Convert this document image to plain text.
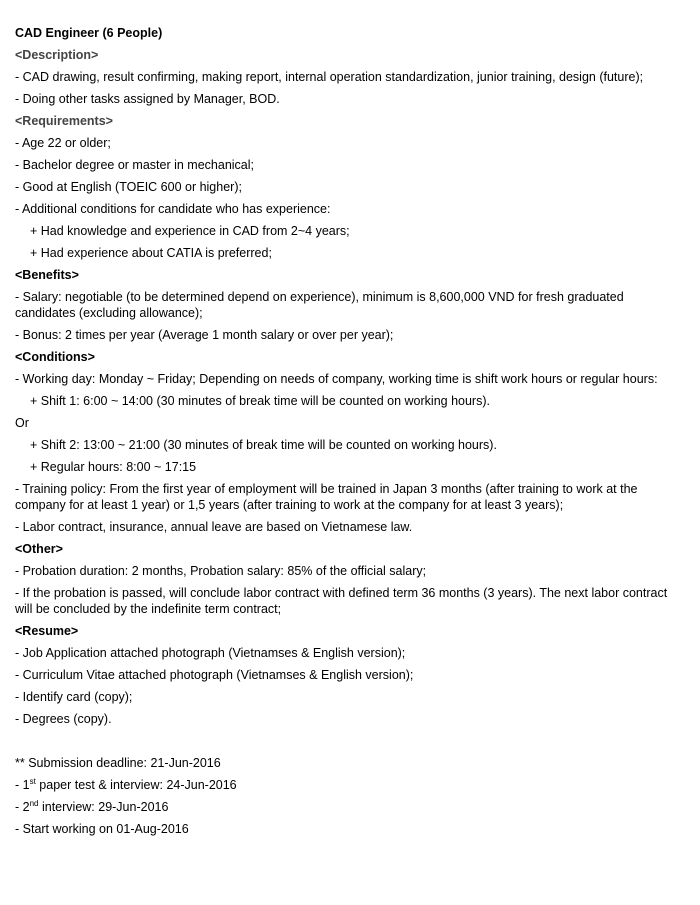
CAD Engineer (6 People)
<Description>
- CAD drawing, result confirming, making report, internal operation standardization, junior training, design (future);
- Doing other tasks assigned by Manager, BOD.
<Requirements>
- Age 22 or older;
- Bachelor degree or master in mechanical;
- Good at English (TOEIC 600 or higher);
- Additional conditions for candidate who has experience:
+ Had knowledge and experience in CAD from 2~4 years;
+ Had experience about CATIA is preferred;
<Benefits>
- Salary: negotiable (to be determined depend on experience), minimum is 8,600,000 VND for fresh graduated candidates (excluding allowance);
- Bonus: 2 times per year (Average 1 month salary or over per year);
<Conditions>
- Working day: Monday ~ Friday; Depending on needs of company, working time is shift work hours or regular hours:
+ Shift 1: 6:00 ~ 14:00 (30 minutes of break time will be counted on working hours).
Or
+ Shift 2: 13:00 ~ 21:00 (30 minutes of break time will be counted on working hours).
+ Regular hours: 8:00 ~ 17:15
- Training policy: From the first year of employment will be trained in Japan 3 months (after training to work at the company for at least 1 year) or 1,5 years (after training to work at the company for at least 3 years);
- Labor contract, insurance, annual leave are based on Vietnamese law.
<Other>
- Probation duration: 2 months, Probation salary: 85% of the official salary;
- If the probation is passed, will conclude labor contract with defined term 36 months (3 years). The next labor contract will be concluded by the indefinite term contract;
<Resume>
- Job Application attached photograph (Vietnamses & English version);
- Curriculum Vitae attached photograph (Vietnamses & English version);
- Identify card (copy);
- Degrees (copy).
** Submission deadline: 21-Jun-2016
- 1st paper test & interview: 24-Jun-2016
- 2nd interview: 29-Jun-2016
- Start working on 01-Aug-2016
